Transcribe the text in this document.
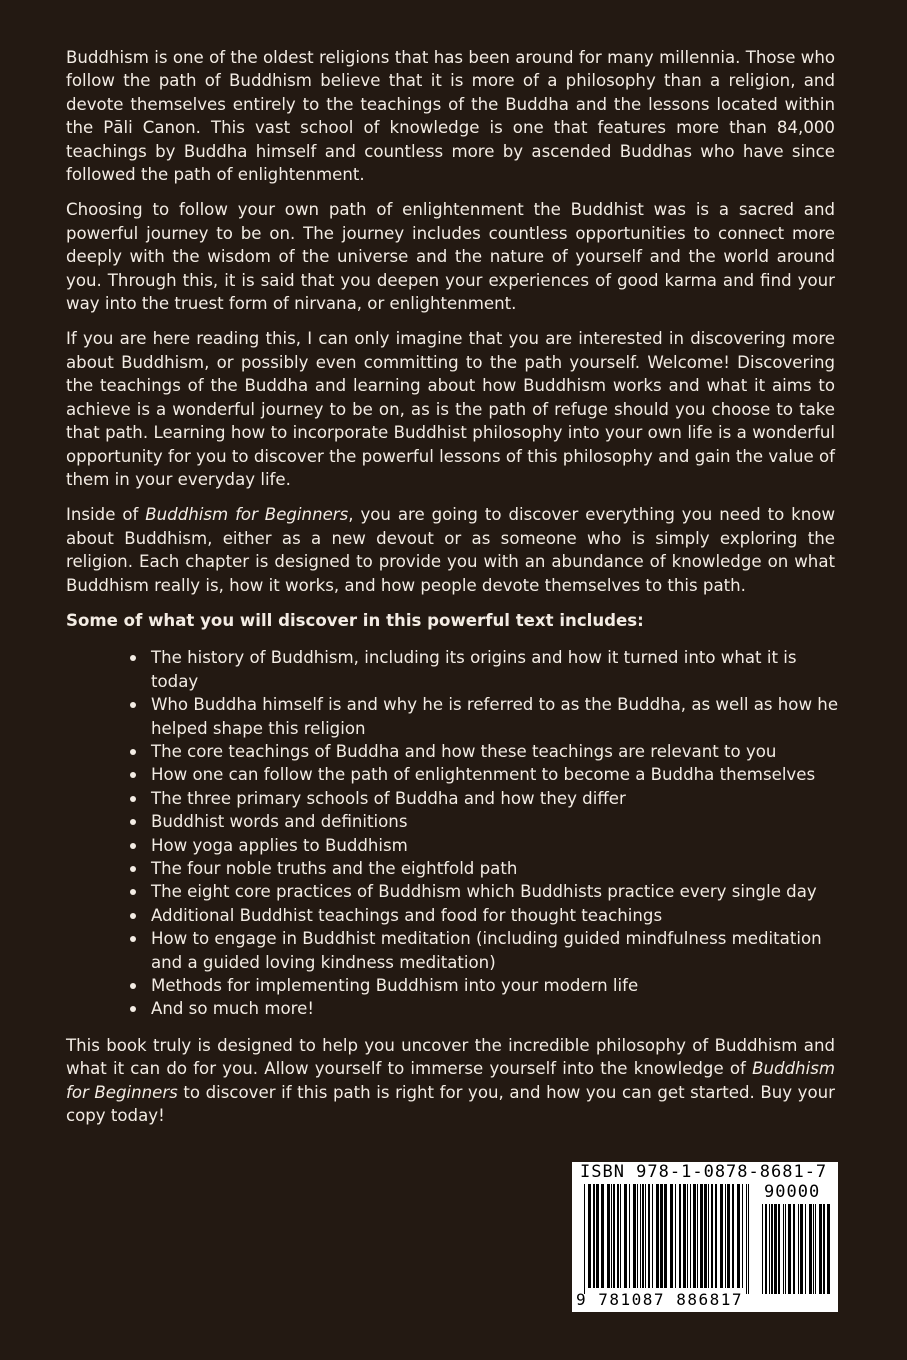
Buddhism is one of the oldest religions that has been around for many millennia. Those who follow the path of Buddhism believe that it is more of a philosophy than a religion, and devote themselves entirely to the teachings of the Buddha and the lessons located within the Pāli Canon. This vast school of knowledge is one that features more than 84,000 teachings by Buddha himself and countless more by ascended Buddhas who have since followed the path of enlightenment.

Choosing to follow your own path of enlightenment the Buddhist was is a sacred and powerful journey to be on. The journey includes countless opportunities to connect more deeply with the wisdom of the universe and the nature of yourself and the world around you. Through this, it is said that you deepen your experiences of good karma and find your way into the truest form of nirvana, or enlightenment.

If you are here reading this, I can only imagine that you are interested in discovering more about Buddhism, or possibly even committing to the path yourself. Welcome! Discovering the teachings of the Buddha and learning about how Buddhism works and what it aims to achieve is a wonderful journey to be on, as is the path of refuge should you choose to take that path. Learning how to incorporate Buddhist philosophy into your own life is a wonderful opportunity for you to discover the powerful lessons of this philosophy and gain the value of them in your everyday life.

Inside of Buddhism for Beginners, you are going to discover everything you need to know about Buddhism, either as a new devout or as someone who is simply exploring the religion. Each chapter is designed to provide you with an abundance of knowledge on what Buddhism really is, how it works, and how people devote themselves to this path.

Some of what you will discover in this powerful text includes:
The history of Buddhism, including its origins and how it turned into what it is today
Who Buddha himself is and why he is referred to as the Buddha, as well as how he helped shape this religion
The core teachings of Buddha and how these teachings are relevant to you
How one can follow the path of enlightenment to become a Buddha themselves
The three primary schools of Buddha and how they differ
Buddhist words and definitions
How yoga applies to Buddhism
The four noble truths and the eightfold path
The eight core practices of Buddhism which Buddhists practice every single day
Additional Buddhist teachings and food for thought teachings
How to engage in Buddhist meditation (including guided mindfulness meditation and a guided loving kindness meditation)
Methods for implementing Buddhism into your modern life
And so much more!

This book truly is designed to help you uncover the incredible philosophy of Buddhism and what it can do for you. Allow yourself to immerse yourself into the knowledge of Buddhism for Beginners to discover if this path is right for you, and how you can get started. Buy your copy today!

ISBN 978-1-0878-8681-7
90000
9 781087 886817
